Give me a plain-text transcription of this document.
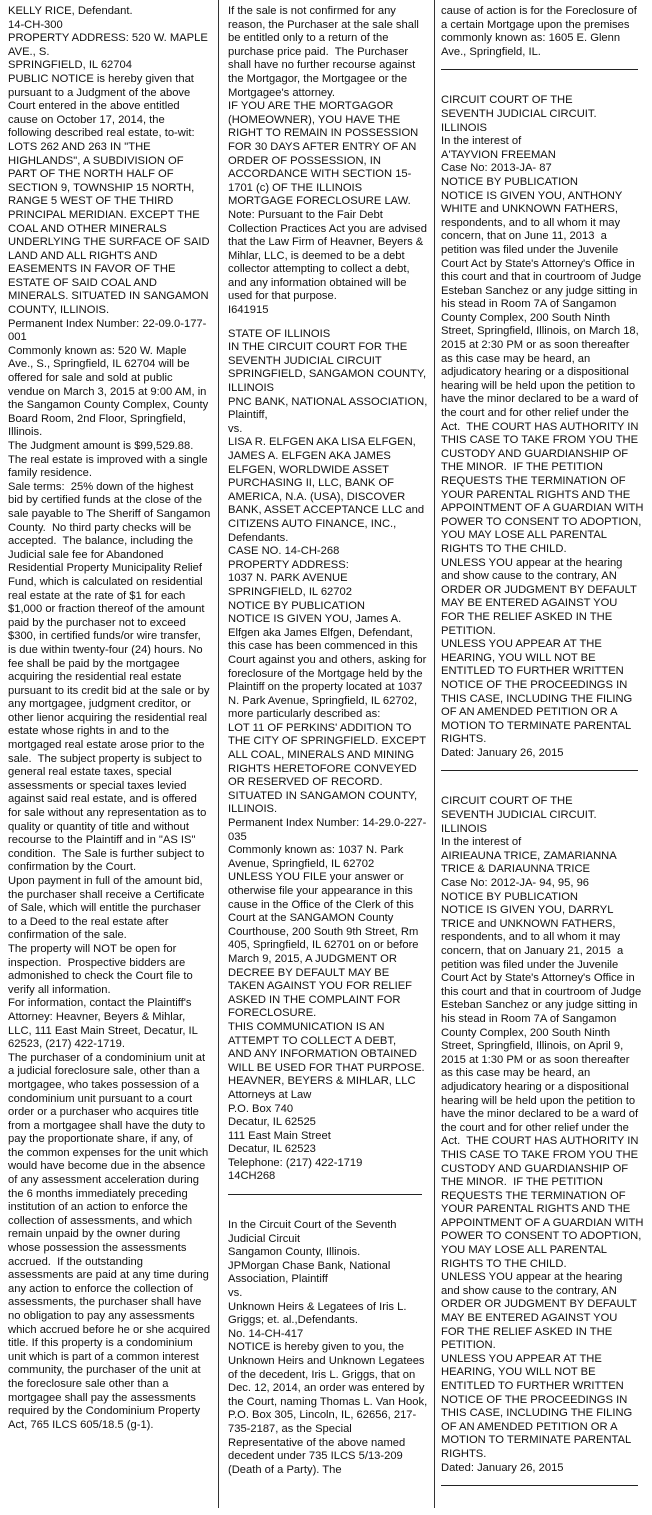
KELLY RICE, Defendant.

14-CH-300

PROPERTY ADDRESS: 520 W. MAPLE AVE., S.

SPRINGFIELD, IL 62704

PUBLIC NOTICE is hereby given that pursuant to a Judgment of the above Court entered in the above entitled cause on October 17, 2014, the following described real estate, to-wit: LOTS 262 AND 263 IN "THE HIGHLANDS", A SUBDIVISION OF PART OF THE NORTH HALF OF SECTION 9, TOWNSHIP 15 NORTH, RANGE 5 WEST OF THE THIRD PRINCIPAL MERIDIAN. EXCEPT THE COAL AND OTHER MINERALS UNDERLYING THE SURFACE OF SAID LAND AND ALL RIGHTS AND EASEMENTS IN FAVOR OF THE ESTATE OF SAID COAL AND MINERALS. SITUATED IN SANGAMON COUNTY, ILLINOIS.

Permanent Index Number: 22-09.0-177-001

Commonly known as: 520 W. Maple Ave., S., Springfield, IL 62704 will be offered for sale and sold at public vendue on March 3, 2015 at 9:00 AM, in the Sangamon County Complex, County Board Room, 2nd Floor, Springfield, Illinois.

The Judgment amount is $99,529.88. The real estate is improved with a single family residence.

Sale terms:  25% down of the highest bid by certified funds at the close of the sale payable to The Sheriff of Sangamon County.  No third party checks will be accepted.  The balance, including the Judicial sale fee for Abandoned Residential Property Municipality Relief Fund, which is calculated on residential real estate at the rate of $1 for each $1,000 or fraction thereof of the amount paid by the purchaser not to exceed $300, in certified funds/or wire transfer, is due within twenty-four (24) hours. No fee shall be paid by the mortgagee acquiring the residential real estate pursuant to its credit bid at the sale or by any mortgagee, judgment creditor, or other lienor acquiring the residential real estate whose rights in and to the mortgaged real estate arose prior to the sale.  The subject property is subject to general real estate taxes, special assessments or special taxes levied against said real estate, and is offered for sale without any representation as to quality or quantity of title and without recourse to the Plaintiff and in "AS IS" condition.  The Sale is further subject to confirmation by the Court.

Upon payment in full of the amount bid, the purchaser shall receive a Certificate of Sale, which will entitle the purchaser to a Deed to the real estate after confirmation of the sale.

The property will NOT be open for inspection.  Prospective bidders are admonished to check the Court file to verify all information.

For information, contact the Plaintiff's Attorney: Heavner, Beyers & Mihlar, LLC, 111 East Main Street, Decatur, IL 62523, (217) 422-1719.

The purchaser of a condominium unit at a judicial foreclosure sale, other than a mortgagee, who takes possession of a condominium unit pursuant to a court order or a purchaser who acquires title from a mortgagee shall have the duty to pay the proportionate share, if any, of the common expenses for the unit which would have become due in the absence of any assessment acceleration during the 6 months immediately preceding institution of an action to enforce the collection of assessments, and which remain unpaid by the owner during whose possession the assessments accrued.  If the outstanding assessments are paid at any time during any action to enforce the collection of assessments, the purchaser shall have no obligation to pay any assessments which accrued before he or she acquired title. If this property is a condominium unit which is part of a common interest community, the purchaser of the unit at the foreclosure sale other than a mortgagee shall pay the assessments required by the Condominium Property Act, 765 ILCS 605/18.5 (g-1).

If the sale is not confirmed for any reason, the Purchaser at the sale shall be entitled only to a return of the purchase price paid.  The Purchaser shall have no further recourse against the Mortgagor, the Mortgagee or the Mortgagee's attorney.

IF YOU ARE THE MORTGAGOR (HOMEOWNER), YOU HAVE THE RIGHT TO REMAIN IN POSSESSION FOR 30 DAYS AFTER ENTRY OF AN ORDER OF POSSESSION, IN ACCORDANCE WITH SECTION 15-1701 (c) OF THE ILLINOIS MORTGAGE FORECLOSURE LAW.

Note: Pursuant to the Fair Debt Collection Practices Act you are advised that the Law Firm of Heavner, Beyers & Mihlar, LLC, is deemed to be a debt collector attempting to collect a debt, and any information obtained will be used for that purpose.

I641915

STATE OF ILLINOIS

IN THE CIRCUIT COURT FOR THE SEVENTH JUDICIAL CIRCUIT

SPRINGFIELD, SANGAMON COUNTY, ILLINOIS

PNC BANK, NATIONAL ASSOCIATION, Plaintiff,

vs.

LISA R. ELFGEN AKA LISA ELFGEN, JAMES A. ELFGEN AKA JAMES ELFGEN, WORLDWIDE ASSET PURCHASING II, LLC, BANK OF AMERICA, N.A. (USA), DISCOVER BANK, ASSET ACCEPTANCE LLC and CITIZENS AUTO FINANCE, INC., Defendants.

CASE NO. 14-CH-268

PROPERTY ADDRESS:

1037 N. PARK AVENUE

SPRINGFIELD, IL 62702

NOTICE BY PUBLICATION

NOTICE IS GIVEN YOU, James A. Elfgen aka James Elfgen, Defendant, this case has been commenced in this Court against you and others, asking for foreclosure of the Mortgage held by the Plaintiff on the property located at 1037 N. Park Avenue, Springfield, IL 62702, more particularly described as:

LOT 11 OF PERKINS' ADDITION TO THE CITY OF SPRINGFIELD. EXCEPT ALL COAL, MINERALS AND MINING RIGHTS HERETOFORE CONVEYED OR RESERVED OF RECORD. SITUATED IN SANGAMON COUNTY, ILLINOIS.

Permanent Index Number: 14-29.0-227-035

Commonly known as: 1037 N. Park Avenue, Springfield, IL 62702

UNLESS YOU FILE your answer or otherwise file your appearance in this cause in the Office of the Clerk of this Court at the SANGAMON County Courthouse, 200 South 9th Street, Rm 405, Springfield, IL 62701 on or before March 9, 2015, A JUDGMENT OR DECREE BY DEFAULT MAY BE TAKEN AGAINST YOU FOR RELIEF ASKED IN THE COMPLAINT FOR FORECLOSURE.

THIS COMMUNICATION IS AN ATTEMPT TO COLLECT A DEBT,

AND ANY INFORMATION OBTAINED WILL BE USED FOR THAT PURPOSE.

HEAVNER, BEYERS & MIHLAR, LLC

Attorneys at Law

P.O. Box 740

Decatur, IL 62525

111 East Main Street

Decatur, IL 62523

Telephone: (217) 422-1719

14CH268

In the Circuit Court of the Seventh Judicial Circuit

Sangamon County, Illinois.

JPMorgan Chase Bank, National Association, Plaintiff

vs.

Unknown Heirs & Legatees of Iris L. Griggs; et. al.,Defendants.

No. 14-CH-417

NOTICE is hereby given to you, the Unknown Heirs and Unknown Legatees of the decedent, Iris L. Griggs, that on Dec. 12, 2014, an order was entered by the Court, naming Thomas L. Van Hook, P.O. Box 305, Lincoln, IL, 62656, 217-735-2187, as the Special Representative of the above named decedent under 735 ILCS 5/13-209 (Death of a Party). The

cause of action is for the Foreclosure of a certain Mortgage upon the premises commonly known as: 1605 E. Glenn Ave., Springfield, IL.

CIRCUIT COURT OF THE

SEVENTH JUDICIAL CIRCUIT. ILLINOIS

In the interest of

A'TAYVION FREEMAN

Case No: 2013-JA- 87

NOTICE BY PUBLICATION

NOTICE IS GIVEN YOU, ANTHONY WHITE and UNKNOWN FATHERS, respondents, and to all whom it may concern, that on June 11, 2013  a petition was filed under the Juvenile Court Act by State's Attorney's Office in this court and that in courtroom of Judge Esteban Sanchez or any judge sitting in his stead in Room 7A of Sangamon County Complex, 200 South Ninth Street, Springfield, Illinois, on March 18, 2015 at 2:30 PM or as soon thereafter as this case may be heard, an adjudicatory hearing or a dispositional hearing will be held upon the petition to have the minor declared to be a ward of the court and for other relief under the Act.  THE COURT HAS AUTHORITY IN THIS CASE TO TAKE FROM YOU THE CUSTODY AND GUARDIANSHIP OF THE MINOR.  IF THE PETITION REQUESTS THE TERMINATION OF YOUR PARENTAL RIGHTS AND THE APPOINTMENT OF A GUARDIAN WITH POWER TO CONSENT TO ADOPTION, YOU MAY LOSE ALL PARENTAL RIGHTS TO THE CHILD.

UNLESS YOU appear at the hearing and show cause to the contrary, AN ORDER OR JUDGMENT BY DEFAULT MAY BE ENTERED AGAINST YOU FOR THE RELIEF ASKED IN THE PETITION.

UNLESS YOU APPEAR AT THE HEARING, YOU WILL NOT BE ENTITLED TO FURTHER WRITTEN NOTICE OF THE PROCEEDINGS IN THIS CASE, INCLUDING THE FILING OF AN AMENDED PETITION OR A MOTION TO TERMINATE PARENTAL RIGHTS.

Dated: January 26, 2015

CIRCUIT COURT OF THE

SEVENTH JUDICIAL CIRCUIT. ILLINOIS

In the interest of

AIRIEAUNA TRICE, ZAMARIANNA TRICE & DARIAUNNA TRICE

Case No: 2012-JA- 94, 95, 96

NOTICE BY PUBLICATION

NOTICE IS GIVEN YOU, DARRYL TRICE and UNKNOWN FATHERS, respondents, and to all whom it may concern, that on January 21, 2015  a petition was filed under the Juvenile Court Act by State's Attorney's Office in this court and that in courtroom of Judge Esteban Sanchez or any judge sitting in his stead in Room 7A of Sangamon County Complex, 200 South Ninth Street, Springfield, Illinois, on April 9, 2015 at 1:30 PM or as soon thereafter as this case may be heard, an adjudicatory hearing or a dispositional hearing will be held upon the petition to have the minor declared to be a ward of the court and for other relief under the Act.  THE COURT HAS AUTHORITY IN THIS CASE TO TAKE FROM YOU THE CUSTODY AND GUARDIANSHIP OF THE MINOR.  IF THE PETITION REQUESTS THE TERMINATION OF YOUR PARENTAL RIGHTS AND THE APPOINTMENT OF A GUARDIAN WITH POWER TO CONSENT TO ADOPTION, YOU MAY LOSE ALL PARENTAL RIGHTS TO THE CHILD.

UNLESS YOU appear at the hearing and show cause to the contrary, AN ORDER OR JUDGMENT BY DEFAULT MAY BE ENTERED AGAINST YOU FOR THE RELIEF ASKED IN THE PETITION.

UNLESS YOU APPEAR AT THE HEARING, YOU WILL NOT BE ENTITLED TO FURTHER WRITTEN NOTICE OF THE PROCEEDINGS IN THIS CASE, INCLUDING THE FILING OF AN AMENDED PETITION OR A MOTION TO TERMINATE PARENTAL RIGHTS.

Dated: January 26, 2015
